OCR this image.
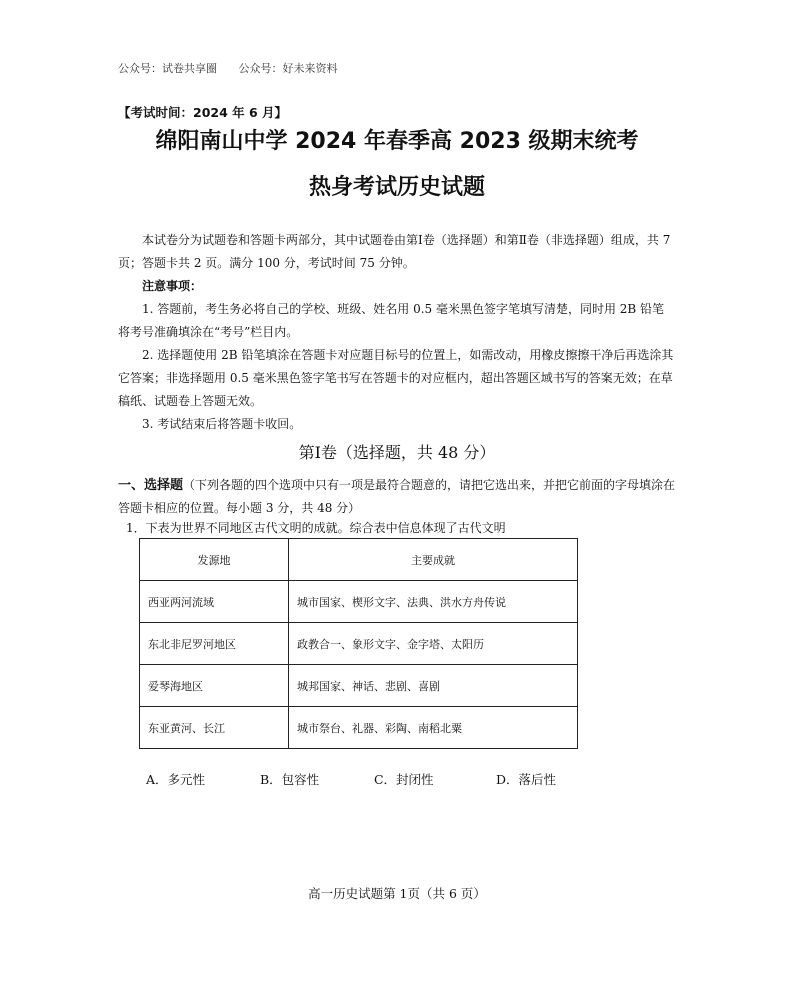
公众号：试卷共享圈 公众号：好未来资料
【考试时间：2024 年 6 月】
绵阳南山中学 2024 年春季高 2023 级期末统考
热身考试历史试题
本试卷分为试题卷和答题卡两部分，其中试题卷由第Ⅰ卷（选择题）和第Ⅱ卷（非选择题）组成，共 7 页；答题卡共 2 页。满分 100 分，考试时间 75 分钟。
注意事项：
1. 答题前，考生务必将自己的学校、班级、姓名用 0.5 毫米黑色签字笔填写清楚，同时用 2B 铅笔将考号准确填涂在“考号”栏目内。
2. 选择题使用 2B 铅笔填涂在答题卡对应题目标号的位置上，如需改动，用橡皮擦擦干净后再选涂其它答案；非选择题用 0.5 毫米黑色签字笔书写在答题卡的对应框内，超出答题区域书写的答案无效；在草稿纸、试题卷上答题无效。
3. 考试结束后将答题卡收回。
第Ⅰ卷（选择题，共 48 分）
一、选择题（下列各题的四个选项中只有一项是最符合题意的，请把它选出来，并把它前面的字母填涂在答题卡相应的位置。每小题 3 分，共 48 分）
1．下表为世界不同地区古代文明的成就。综合表中信息体现了古代文明
发源地	主要成就
西亚两河流域	城市国家、楔形文字、法典、洪水方舟传说
东北非尼罗河地区	政教合一、象形文字、金字塔、太阳历
爱琴海地区	城邦国家、神话、悲剧、喜剧
东亚黄河、长江	城市祭台、礼器、彩陶、南稻北粟
A．多元性	B．包容性	C．封闭性	D．落后性
高一历史试题第 1页（共 6 页）
